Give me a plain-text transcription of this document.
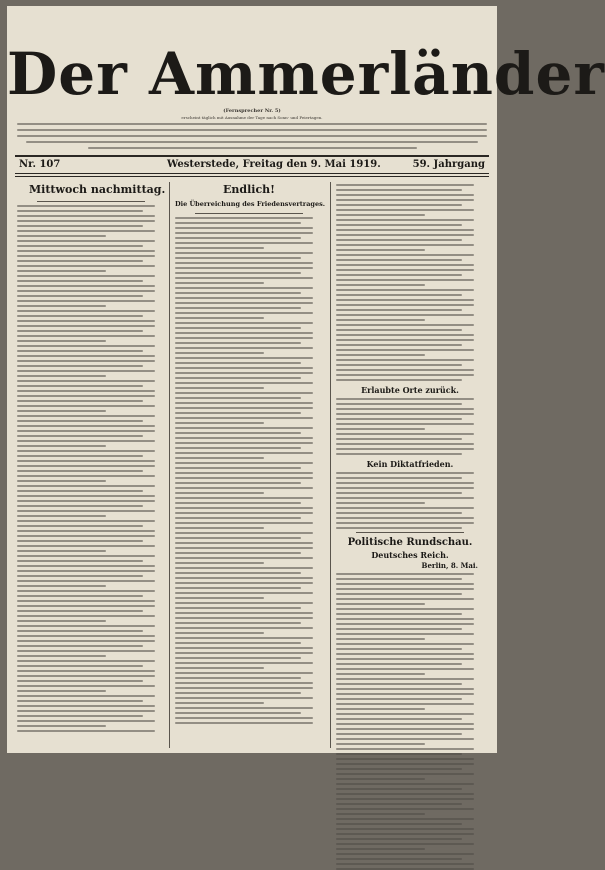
Der Ammerländer
(Fernsprecher Nr. 5)
erscheint täglich mit Ausnahme der Tage nach Sonn- und Feiertagen.
Nr. 107	Westerstede, Freitag den 9. Mai 1919.	59. Jahrgang
Mittwoch nachmittag.	Endlich!
Die Überreichung des Friedensvertrages.
Erlaubte Orte zurück.
Kein Diktatfrieden.
Politische Rundschau.
Deutsches Reich.
Berlin, 8. Mai.
